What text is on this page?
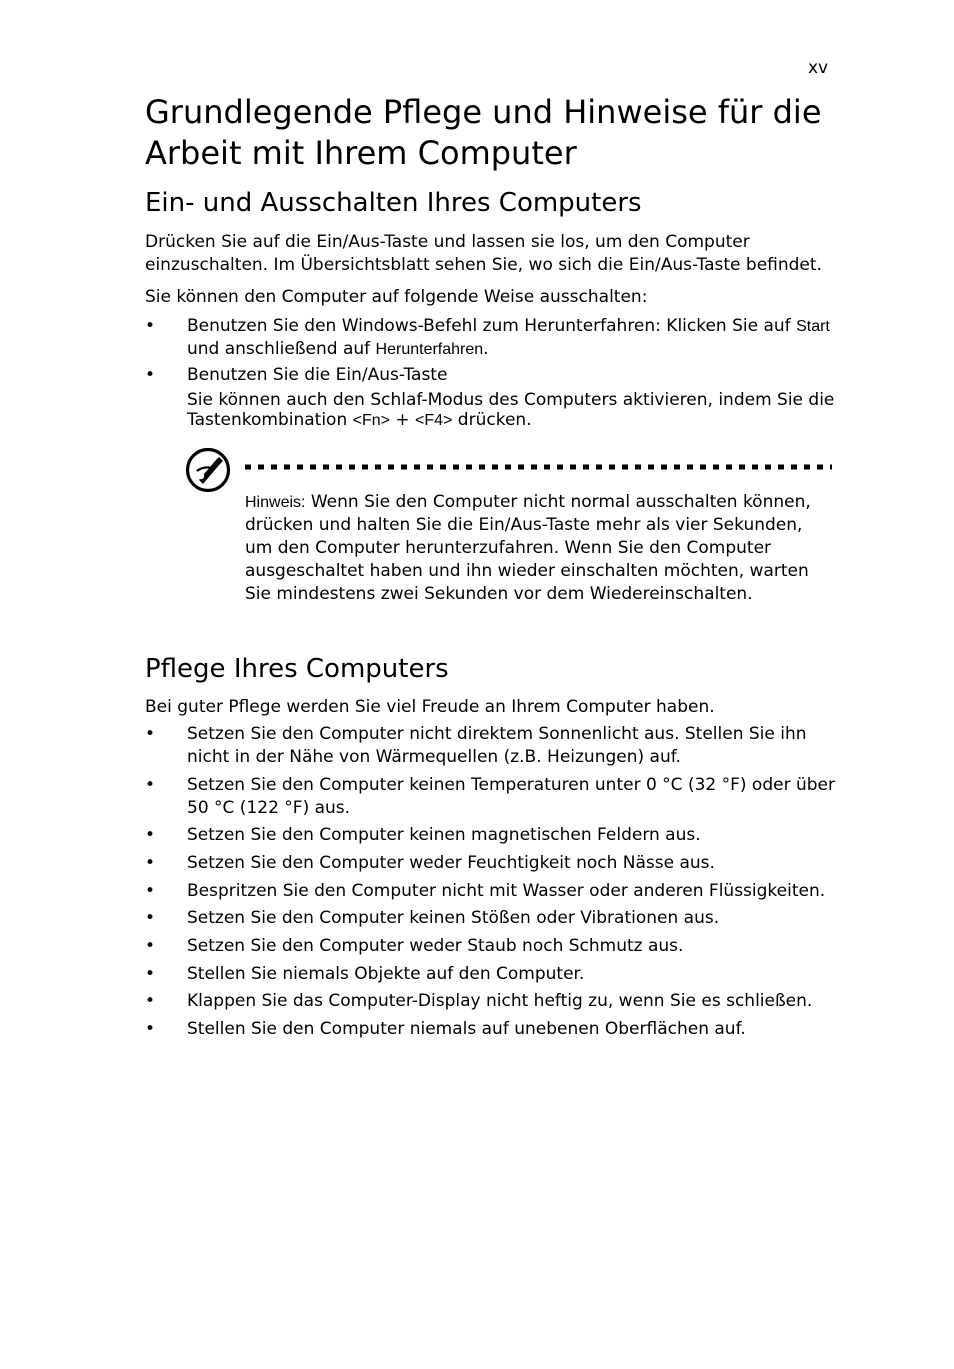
xv
Grundlegende Pflege und Hinweise für die Arbeit mit Ihrem Computer
Ein- und Ausschalten Ihres Computers

Drücken Sie auf die Ein/Aus-Taste und lassen sie los, um den Computer einzuschalten. Im Übersichtsblatt sehen Sie, wo sich die Ein/Aus-Taste befindet.

Sie können den Computer auf folgende Weise ausschalten:

• Benutzen Sie den Windows-Befehl zum Herunterfahren: Klicken Sie auf Start und anschließend auf Herunterfahren.
• Benutzen Sie die Ein/Aus-Taste
Sie können auch den Schlaf-Modus des Computers aktivieren, indem Sie die Tastenkombination <Fn> + <F4> drücken.
Hinweis: Wenn Sie den Computer nicht normal ausschalten können, drücken und halten Sie die Ein/Aus-Taste mehr als vier Sekunden, um den Computer herunterzufahren. Wenn Sie den Computer ausgeschaltet haben und ihn wieder einschalten möchten, warten Sie mindestens zwei Sekunden vor dem Wiedereinschalten.
Pflege Ihres Computers

Bei guter Pflege werden Sie viel Freude an Ihrem Computer haben.

• Setzen Sie den Computer nicht direktem Sonnenlicht aus. Stellen Sie ihn nicht in der Nähe von Wärmequellen (z.B. Heizungen) auf.
• Setzen Sie den Computer keinen Temperaturen unter 0 °C (32 °F) oder über 50 °C (122 °F) aus.
• Setzen Sie den Computer keinen magnetischen Feldern aus.
• Setzen Sie den Computer weder Feuchtigkeit noch Nässe aus.
• Bespritzen Sie den Computer nicht mit Wasser oder anderen Flüssigkeiten.
• Setzen Sie den Computer keinen Stößen oder Vibrationen aus.
• Setzen Sie den Computer weder Staub noch Schmutz aus.
• Stellen Sie niemals Objekte auf den Computer.
• Klappen Sie das Computer-Display nicht heftig zu, wenn Sie es schließen.
• Stellen Sie den Computer niemals auf unebenen Oberflächen auf.
